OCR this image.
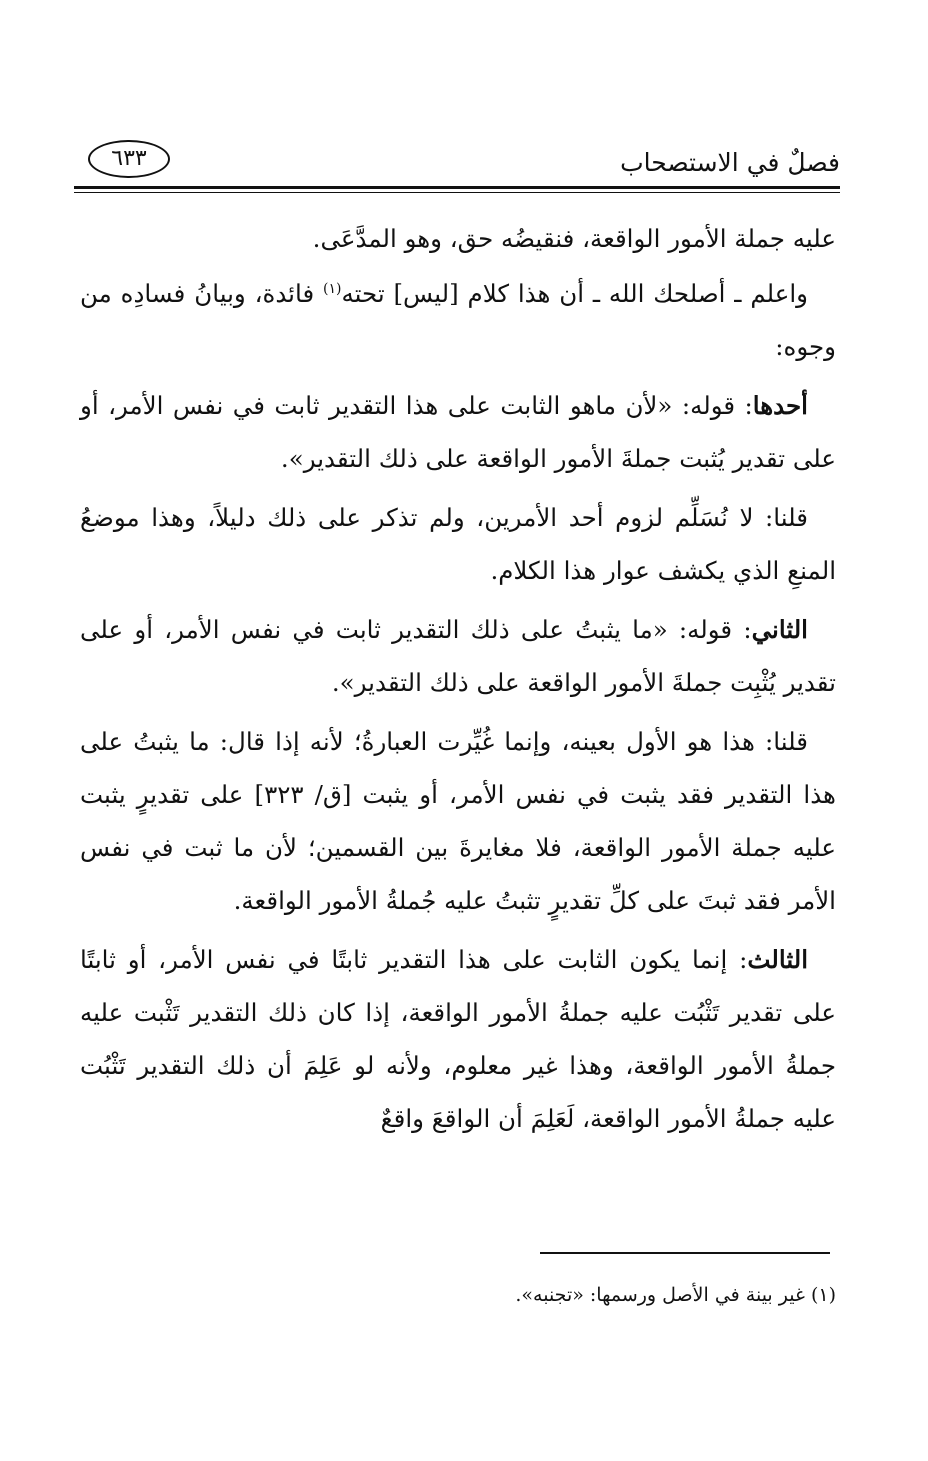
فصلٌ في الاستصحاب
٦٣٣

عليه جملة الأمور الواقعة، فنقيضُه حق، وهو المدَّعَى.

واعلم ـ أصلحك الله ـ أن هذا كلام [ليس] تحته$^{(١)}$ فائدة، وبيانُ فسادِه من وجوه:

أحدها: قوله: «لأن ماهو الثابت على هذا التقدير ثابت في نفس الأمر، أو على تقدير يُثبت جملةَ الأمور الواقعة على ذلك التقدير».

قلنا: لا نُسَلِّم لزوم أحد الأمرين، ولم تذكر على ذلك دليلاً، وهذا موضعُ المنعِ الذي يكشف عوار هذا الكلام.

الثاني: قوله: «ما يثبتُ على ذلك التقدير ثابت في نفس الأمر، أو على تقدير يُثْبِت جملةَ الأمور الواقعة على ذلك التقدير».

قلنا: هذا هو الأول بعينه، وإنما غُيِّرت العبارةُ؛ لأنه إذا قال: ما يثبتُ على هذا التقدير فقد يثبت في نفس الأمر، أو يثبت [ق/ ٣٢٣] على تقديرٍ يثبت عليه جملة الأمور الواقعة، فلا مغايرةَ بين القسمين؛ لأن ما ثبت في نفس الأمر فقد ثبتَ على كلِّ تقديرٍ تثبتُ عليه جُملةُ الأمور الواقعة.

الثالث: إنما يكون الثابت على هذا التقدير ثابتًا في نفس الأمر، أو ثابتًا على تقدير تَثْبُت عليه جملةُ الأمور الواقعة، إذا كان ذلك التقدير تَثْبت عليه جملةُ الأمور الواقعة، وهذا غير معلوم، ولأنه لو عَلِمَ أن ذلك التقدير تَثْبُت عليه جملةُ الأمور الواقعة، لَعَلِمَ أن الواقعَ واقعٌ

(١) غير بينة في الأصل ورسمها: «تجنبه».
